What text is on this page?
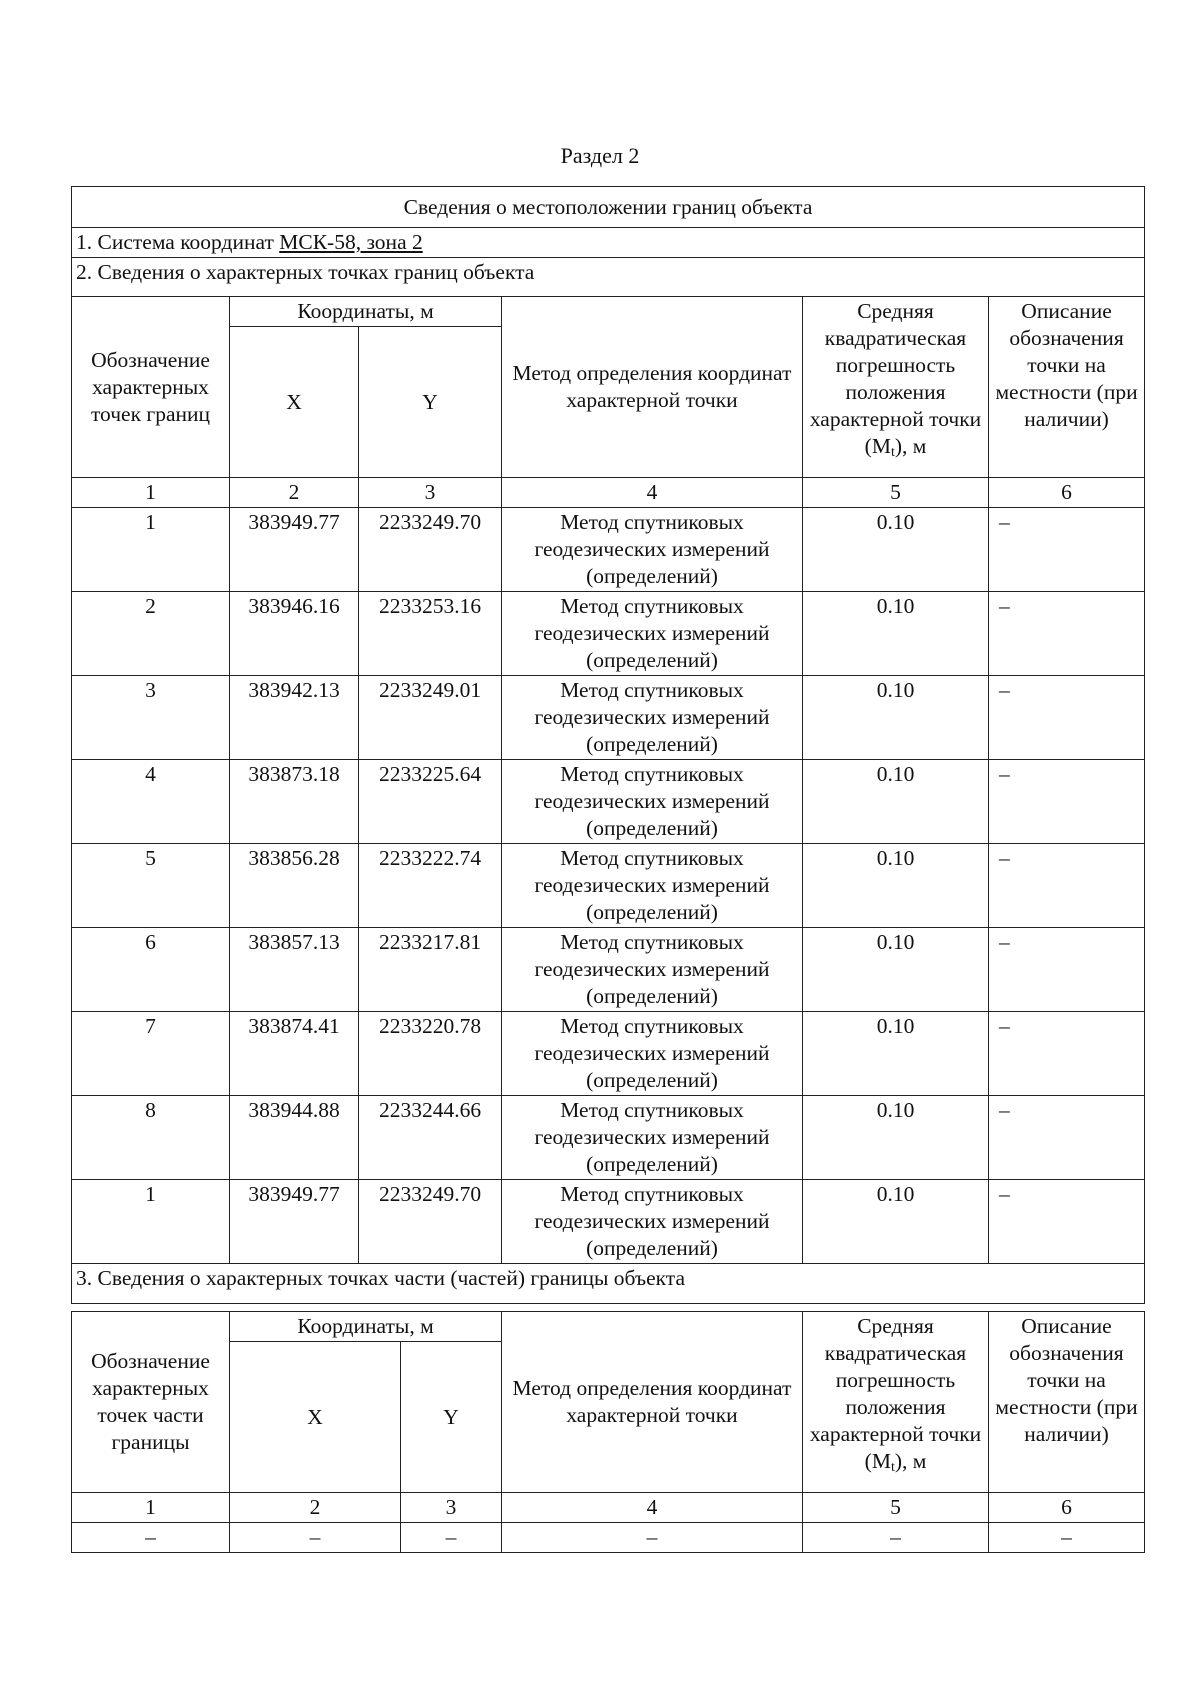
Раздел 2
Сведения о местоположении границ объекта					
1. Система координат МСК-58, зона 2					
2. Сведения о характерных точках границ объекта					
Обозначение характерных точек границ	Координаты, м		Метод определения координат характерной точки	Средняя квадратическая погрешность положения характерной точки $(M_t)$, м	Описание обозначения точки на местности (при наличии)
	X	Y			
1	2	3	4	5	6
1	383949.77	2233249.70	Метод спутниковых геодезических измерений (определений)	0.10	–
2	383946.16	2233253.16	Метод спутниковых геодезических измерений (определений)	0.10	–
3	383942.13	2233249.01	Метод спутниковых геодезических измерений (определений)	0.10	–
4	383873.18	2233225.64	Метод спутниковых геодезических измерений (определений)	0.10	–
5	383856.28	2233222.74	Метод спутниковых геодезических измерений (определений)	0.10	–
6	383857.13	2233217.81	Метод спутниковых геодезических измерений (определений)	0.10	–
7	383874.41	2233220.78	Метод спутниковых геодезических измерений (определений)	0.10	–
8	383944.88	2233244.66	Метод спутниковых геодезических измерений (определений)	0.10	–
1	383949.77	2233249.70	Метод спутниковых геодезических измерений (определений)	0.10	–
3. Сведения о характерных точках части (частей) границы объекта					
Обозначение характерных точек части границы	Координаты, м		Метод определения координат характерной точки	Средняя квадратическая погрешность положения характерной точки $(M_t)$, м	Описание обозначения точки на местности (при наличии)
	X	Y			
1	2	3	4	5	6
–	–	–	–	–	–
